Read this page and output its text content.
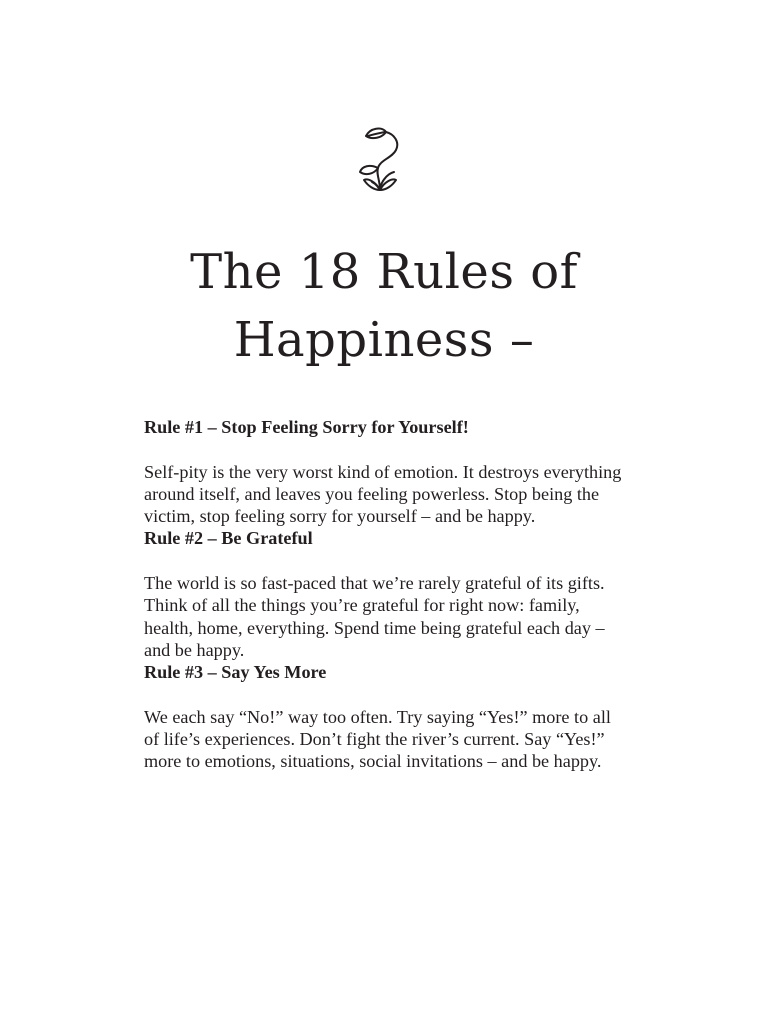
The 18 Rules of
Happiness –

Rule #1 – Stop Feeling Sorry for Yourself!

Self-pity is the very worst kind of emotion. It destroys everything around itself, and leaves you feeling powerless. Stop being the victim, stop feeling sorry for yourself – and be happy.

Rule #2 – Be Grateful

The world is so fast-paced that we’re rarely grateful of its gifts. Think of all the things you’re grateful for right now: family, health, home, everything. Spend time being grateful each day – and be happy.

Rule #3 – Say Yes More

We each say “No!” way too often. Try saying “Yes!” more to all of life’s experiences. Don’t fight the river’s current. Say “Yes!” more to emotions, situations, social invitations – and be happy.
